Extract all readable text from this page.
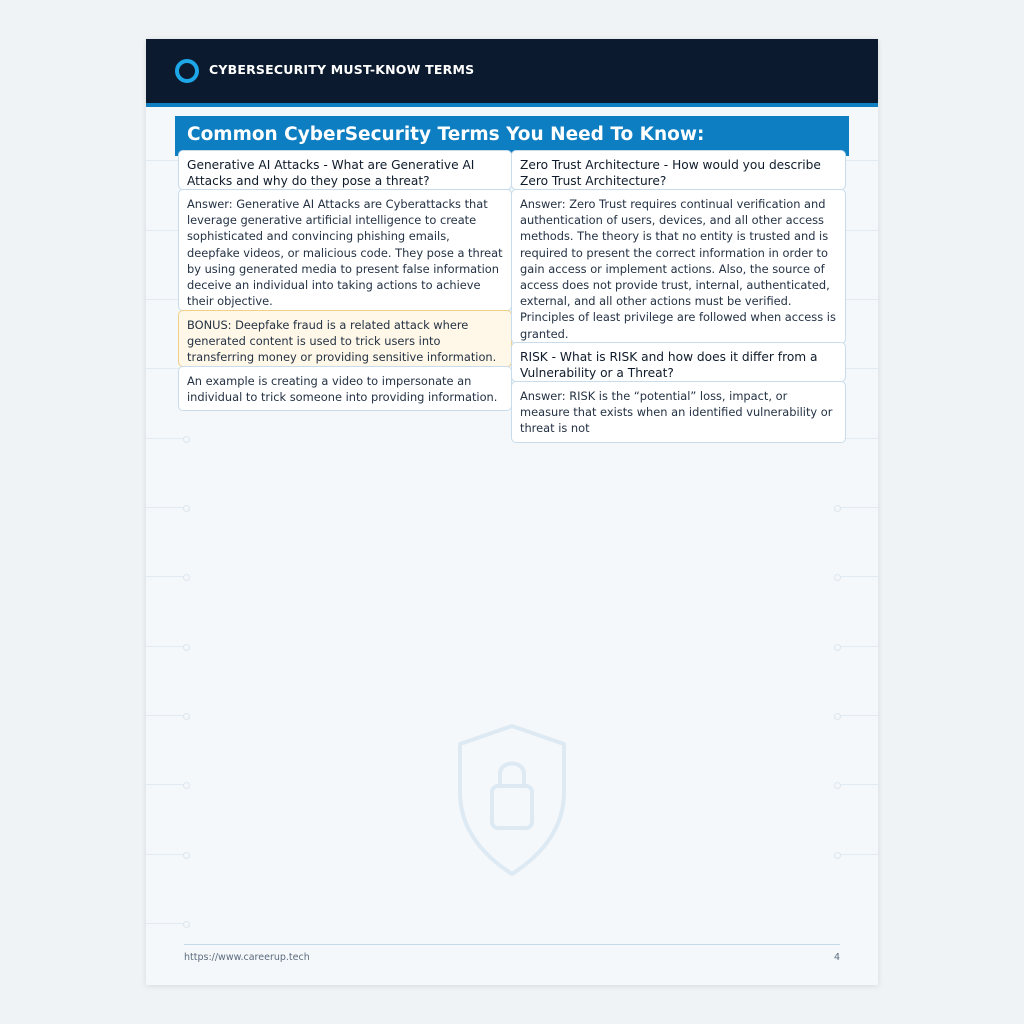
CYBERSECURITY MUST-KNOW TERMS
Common CyberSecurity Terms You Need To Know:
Generative AI Attacks - What are Generative AI Attacks and why do they pose a threat?
Answer: Generative AI Attacks are Cyberattacks that leverage generative artificial intelligence to create sophisticated and convincing phishing emails, deepfake videos, or malicious code. They pose a threat by using generated media to present false information deceive an individual into taking actions to achieve their objective.
BONUS: Deepfake fraud is a related attack where generated content is used to trick users into transferring money or providing sensitive information.
An example is creating a video to impersonate an individual to trick someone into providing information.
Zero Trust Architecture - How would you describe Zero Trust Architecture?
Answer: Zero Trust requires continual verification and authentication of users, devices, and all other access methods. The theory is that no entity is trusted and is required to present the correct information in order to gain access or implement actions. Also, the source of access does not provide trust, internal, authenticated, external, and all other actions must be verified. Principles of least privilege are followed when access is granted.
RISK - What is RISK and how does it differ from a Vulnerability or a Threat?
Answer: RISK is the “potential” loss, impact, or measure that exists when an identified vulnerability or threat is not
https://www.careerup.tech	4
